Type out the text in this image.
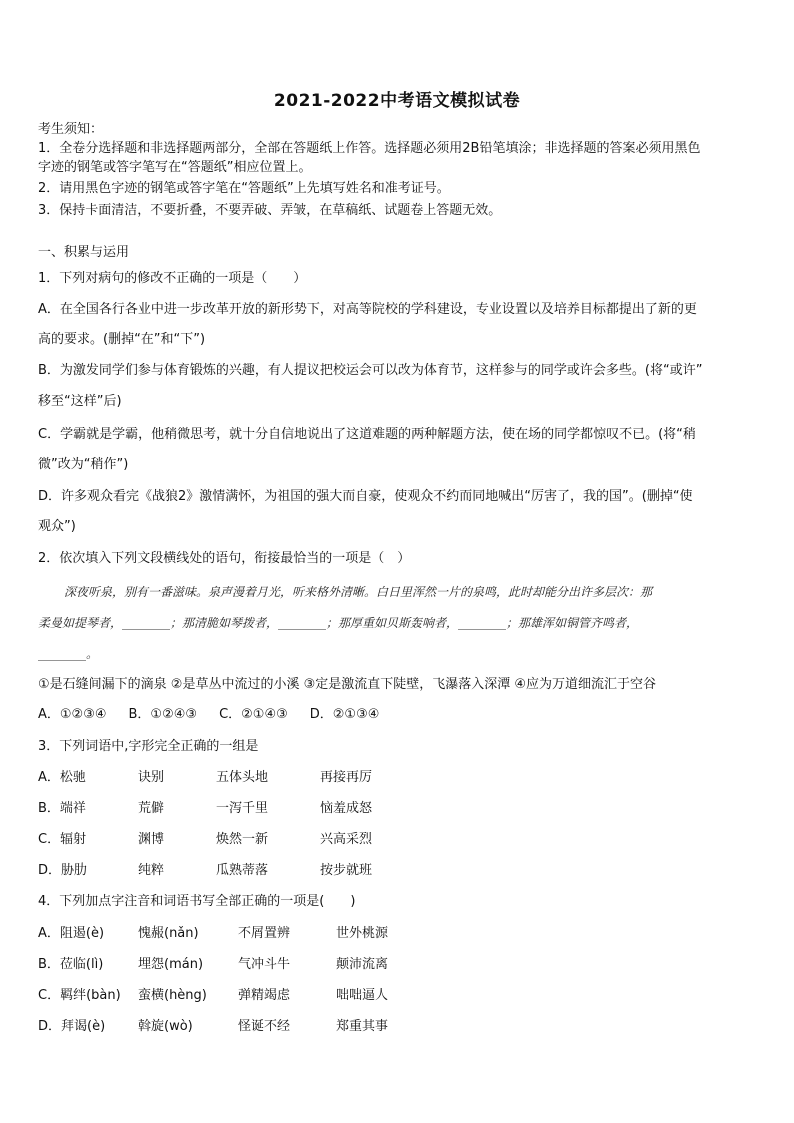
2021-2022中考语文模拟试卷
考生须知：
1．全卷分选择题和非选择题两部分，全部在答题纸上作答。选择题必须用2B铅笔填涂；非选择题的答案必须用黑色
字迹的钢笔或答字笔写在“答题纸”相应位置上。
2．请用黑色字迹的钢笔或答字笔在“答题纸”上先填写姓名和准考证号。
3．保持卡面清洁，不要折叠，不要弄破、弄皱，在草稿纸、试题卷上答题无效。
一、积累与运用
1．下列对病句的修改不正确的一项是（　　）
A．在全国各行各业中进一步改革开放的新形势下，对高等院校的学科建设，专业设置以及培养目标都提出了新的更
高的要求。(删掉“在”和“下”)
B．为激发同学们参与体育锻炼的兴趣，有人提议把校运会可以改为体育节，这样参与的同学或许会多些。(将“或许”
移至“这样”后)
C．学霸就是学霸，他稍微思考，就十分自信地说出了这道难题的两种解题方法，使在场的同学都惊叹不已。(将“稍
微”改为“稍作”)
D．许多观众看完《战狼2》激情满怀，为祖国的强大而自豪，使观众不约而同地喊出“厉害了，我的国”。(删掉“使
观众”)
2．依次填入下列文段横线处的语句，衔接最恰当的一项是（　）
深夜听泉，别有一番滋味。泉声漫着月光，听来格外清晰。白日里浑然一片的泉鸣，此时却能分出许多层次：那
柔曼如提琴者，________；那清脆如琴拨者，________；那厚重如贝斯轰响者，________；那雄浑如铜管齐鸣者，
________。
①是石缝间漏下的滴泉 ②是草丛中流过的小溪 ③定是激流直下陡壁，飞瀑落入深潭 ④应为万道细流汇于空谷
A．①②③④ B．①②④③ C．②①④③ D．②①③④
3．下列词语中,字形完全正确的一组是
A．松驰	诀别	五体头地	再接再厉
B．端祥	荒僻	一泻千里	恼羞成怒
C．辐射	渊博	焕然一新	兴高采烈
D．胁肋	纯粹	瓜熟蒂落	按步就班
4．下列加点字注音和词语书写全部正确的一项是(　　)
A．阻遏(è)	愧赧(nǎn)	不屑置辨	世外桃源
B．莅临(lì)	埋怨(mán)	气冲斗牛	颠沛流离
C．羁绊(bàn) 蛮横(hèng) 弹精竭虑	咄咄逼人
D．拜谒(è)	斡旋(wò)	怪诞不经	郑重其事
